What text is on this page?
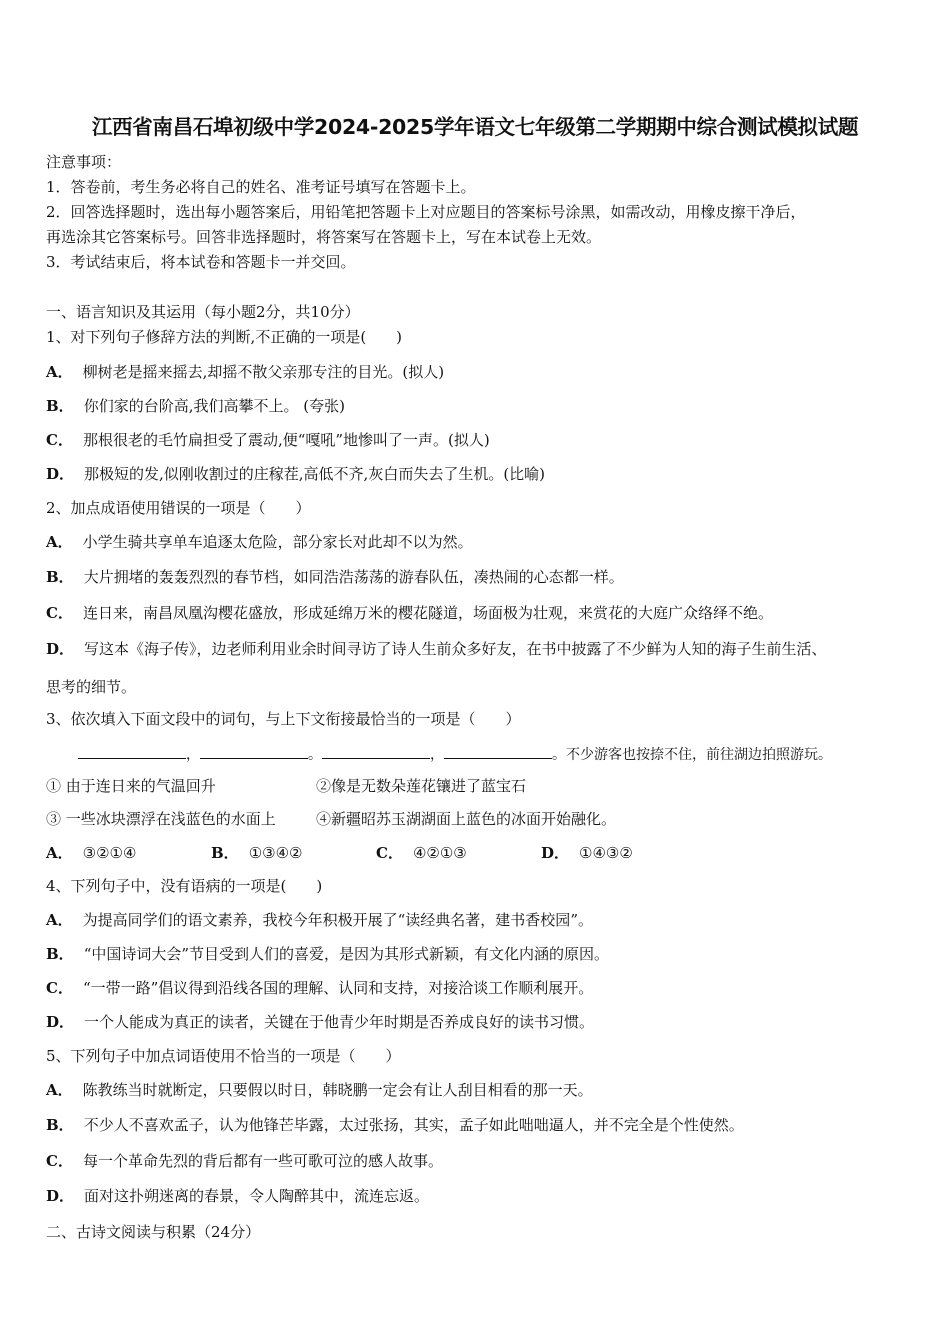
江西省南昌石埠初级中学2024-2025学年语文七年级第二学期期中综合测试模拟试题
注意事项：
1．答卷前，考生务必将自己的姓名、准考证号填写在答题卡上。
2．回答选择题时，选出每小题答案后，用铅笔把答题卡上对应题目的答案标号涂黑，如需改动，用橡皮擦干净后，
再选涂其它答案标号。回答非选择题时，将答案写在答题卡上，写在本试卷上无效。
3．考试结束后，将本试卷和答题卡一并交回。
一、语言知识及其运用（每小题2分，共10分）
1、对下列句子修辞方法的判断,不正确的一项是(　　)
A． 柳树老是摇来摇去,却摇不散父亲那专注的目光。(拟人)
B． 你们家的台阶高,我们高攀不上。 (夸张)
C． 那根很老的毛竹扁担受了震动,便“嘎吼”地惨叫了一声。(拟人)
D． 那极短的发,似刚收割过的庄稼茬,高低不齐,灰白而失去了生机。(比喻)
2、加点成语使用错误的一项是（　　）
A． 小学生骑共享单车追逐太危险，部分家长对此却不以为然。
B． 大片拥堵的轰轰烈烈的春节档，如同浩浩荡荡的游春队伍，凑热闹的心态都一样。
C． 连日来，南昌凤凰沟樱花盛放，形成延绵万米的樱花隧道，场面极为壮观，来赏花的大庭广众络绎不绝。
D． 写这本《海子传》，边老师利用业余时间寻访了诗人生前众多好友，在书中披露了不少鲜为人知的海子生前生活、
思考的细节。
3、依次填入下面文段中的词句，与上下文衔接最恰当的一项是（　　）
，	。	，	。不少游客也按捺不住，前往湖边拍照游玩。
① 由于连日来的气温回升	②像是无数朵莲花镶进了蓝宝石
③ 一些冰块漂浮在浅蓝色的水面上	④新疆昭苏玉湖湖面上蓝色的冰面开始融化。
A． ③②①④	B． ①③④②	C． ④②①③	D． ①④③②
4、下列句子中，没有语病的一项是(　　)
A． 为提高同学们的语文素养，我校今年积极开展了“读经典名著，建书香校园”。
B． “中国诗词大会”节目受到人们的喜爱，是因为其形式新颖，有文化内涵的原因。
C． “一带一路”倡议得到沿线各国的理解、认同和支持，对接洽谈工作顺利展开。
D． 一个人能成为真正的读者，关键在于他青少年时期是否养成良好的读书习惯。
5、下列句子中加点词语使用不恰当的一项是（　　）
A． 陈教练当时就断定，只要假以时日，韩晓鹏一定会有让人刮目相看的那一天。
B． 不少人不喜欢孟子，认为他锋芒毕露，太过张扬，其实，孟子如此咄咄逼人，并不完全是个性使然。
C． 每一个革命先烈的背后都有一些可歌可泣的感人故事。
D． 面对这扑朔迷离的春景，令人陶醉其中，流连忘返。
二、古诗文阅读与积累（24分）
